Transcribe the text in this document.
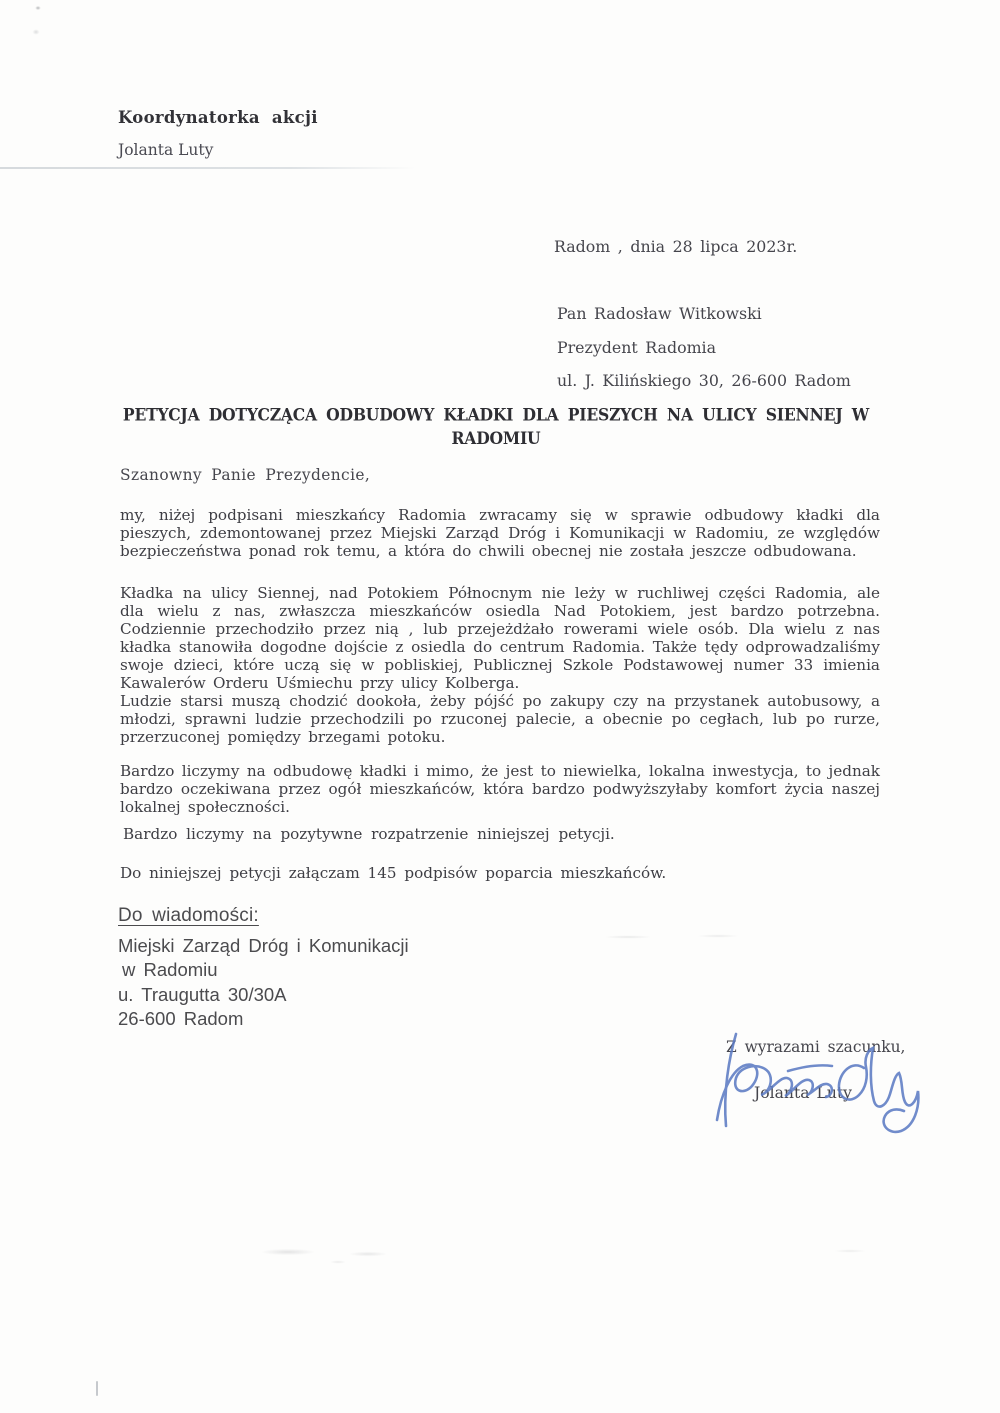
Koordynatorka akcji
Jolanta Luty
Radom , dnia 28 lipca 2023r.
Pan Radosław Witkowski
Prezydent Radomia
ul. J. Kilińskiego 30, 26-600 Radom
PETYCJA DOTYCZĄCA ODBUDOWY KŁADKI DLA PIESZYCH NA ULICY SIENNEJ W RADOMIU
Szanowny Panie Prezydencie,
my, niżej podpisani mieszkańcy Radomia zwracamy się w sprawie odbudowy kładki dla pieszych, zdemontowanej przez Miejski Zarząd Dróg i Komunikacji w Radomiu, ze względów bezpieczeństwa ponad rok temu, a która do chwili obecnej nie została jeszcze odbudowana.
Kładka na ulicy Siennej, nad Potokiem Północnym nie leży w ruchliwej części Radomia, ale dla wielu z nas, zwłaszcza mieszkańców osiedla Nad Potokiem, jest bardzo potrzebna. Codziennie przechodziło przez nią , lub przejeżdżało rowerami wiele osób. Dla wielu z nas kładka stanowiła dogodne dojście z osiedla do centrum Radomia. Także tędy odprowadzaliśmy swoje dzieci, które uczą się w pobliskiej, Publicznej Szkole Podstawowej numer 33 imienia Kawalerów Orderu Uśmiechu przy ulicy Kolberga.
Ludzie starsi muszą chodzić dookoła, żeby pójść po zakupy czy na przystanek autobusowy, a młodzi, sprawni ludzie przechodzili po rzuconej palecie, a obecnie po cegłach, lub po rurze, przerzuconej pomiędzy brzegami potoku.
Bardzo liczymy na odbudowę kładki i mimo, że jest to niewielka, lokalna inwestycja, to jednak bardzo oczekiwana przez ogół mieszkańców, która bardzo podwyższyłaby komfort życia naszej lokalnej społeczności.
Bardzo liczymy na pozytywne rozpatrzenie niniejszej petycji.
Do niniejszej petycji załączam 145 podpisów poparcia mieszkańców.
Do wiadomości:
Miejski Zarząd Dróg i Komunikacji
w Radomiu
u. Traugutta 30/30A
26-600 Radom
Z wyrazami szacunku,
Jolanta Luty
